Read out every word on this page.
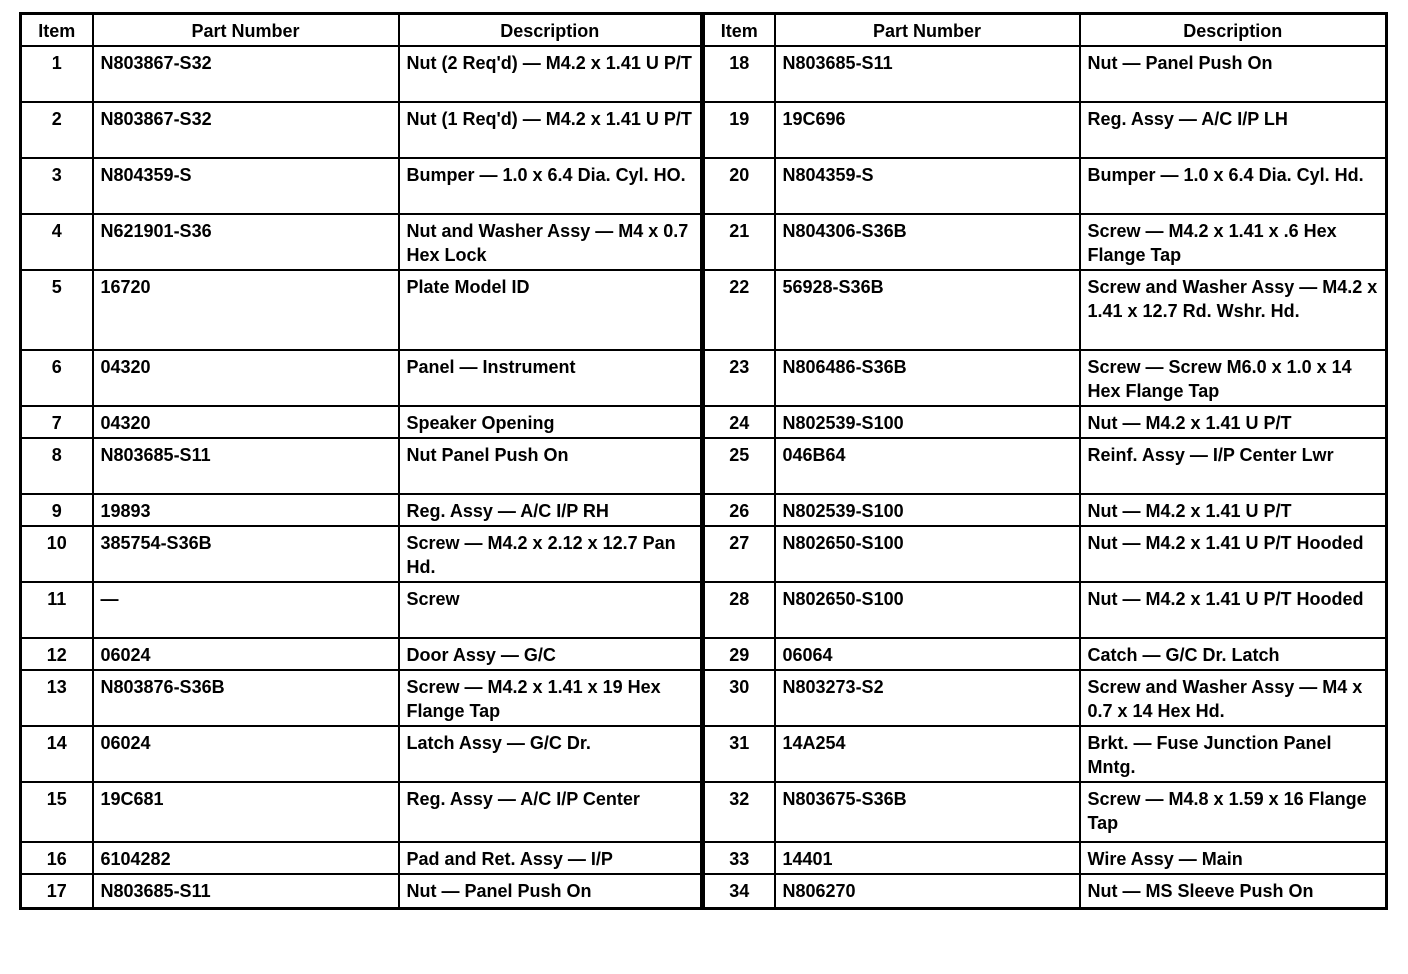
Item	Part Number	Description	Item	Part Number	Description
1	N803867-S32	Nut (2 Req'd) — M4.2 x 1.41 U P/T	18	N803685-S11	Nut — Panel Push On
2	N803867-S32	Nut (1 Req'd) — M4.2 x 1.41 U P/T	19	19C696	Reg. Assy — A/C I/P LH
3	N804359-S	Bumper — 1.0 x 6.4 Dia. Cyl. HO.	20	N804359-S	Bumper — 1.0 x 6.4 Dia. Cyl. Hd.
4	N621901-S36	Nut and Washer Assy — M4 x 0.7 Hex Lock	21	N804306-S36B	Screw — M4.2 x 1.41 x .6 Hex Flange Tap
5	16720	Plate Model ID	22	56928-S36B	Screw and Washer Assy — M4.2 x 1.41 x 12.7 Rd. Wshr. Hd.
6	04320	Panel — Instrument	23	N806486-S36B	Screw — Screw M6.0 x 1.0 x 14 Hex Flange Tap
7	04320	Speaker Opening	24	N802539-S100	Nut — M4.2 x 1.41 U P/T
8	N803685-S11	Nut Panel Push On	25	046B64	Reinf. Assy — I/P Center Lwr
9	19893	Reg. Assy — A/C I/P RH	26	N802539-S100	Nut — M4.2 x 1.41 U P/T
10	385754-S36B	Screw — M4.2 x 2.12 x 12.7 Pan Hd.	27	N802650-S100	Nut — M4.2 x 1.41 U P/T Hooded
11	—	Screw	28	N802650-S100	Nut — M4.2 x 1.41 U P/T Hooded
12	06024	Door Assy — G/C	29	06064	Catch — G/C Dr. Latch
13	N803876-S36B	Screw — M4.2 x 1.41 x 19 Hex Flange Tap	30	N803273-S2	Screw and Washer Assy — M4 x 0.7 x 14 Hex Hd.
14	06024	Latch Assy — G/C Dr.	31	14A254	Brkt. — Fuse Junction Panel Mntg.
15	19C681	Reg. Assy — A/C I/P Center	32	N803675-S36B	Screw — M4.8 x 1.59 x 16 Flange Tap
16	6104282	Pad and Ret. Assy — I/P	33	14401	Wire Assy — Main
17	N803685-S11	Nut — Panel Push On	34	N806270	Nut — MS Sleeve Push On
